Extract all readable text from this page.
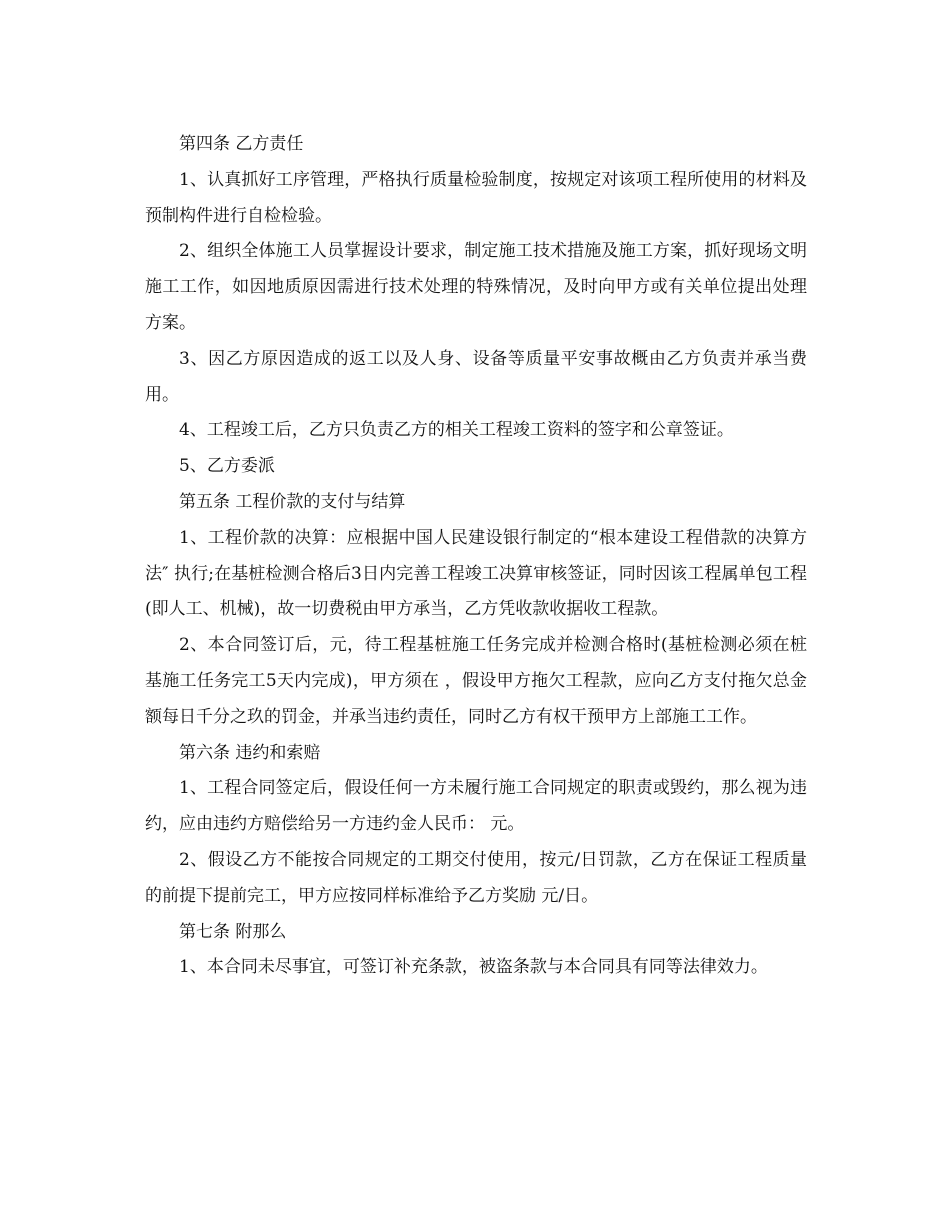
第四条 乙方责任

1、认真抓好工序管理，严格执行质量检验制度，按规定对该项工程所使用的材料及预制构件进行自检检验。

2、组织全体施工人员掌握设计要求，制定施工技术措施及施工方案，抓好现场文明施工工作，如因地质原因需进行技术处理的特殊情况，及时向甲方或有关单位提出处理方案。

3、因乙方原因造成的返工以及人身、设备等质量平安事故概由乙方负责并承当费用。

4、工程竣工后，乙方只负责乙方的相关工程竣工资料的签字和公章签证。

5、乙方委派

第五条 工程价款的支付与结算

1、工程价款的决算：应根据中国人民建设银行制定的“根本建设工程借款的决算方法″ 执行;在基桩检测合格后3日内完善工程竣工决算审核签证，同时因该工程属单包工程(即人工、机械)，故一切费税由甲方承当，乙方凭收款收据收工程款。

2、本合同签订后，元，待工程基桩施工任务完成并检测合格时(基桩检测必须在桩基施工任务完工5天内完成)，甲方须在 ，假设甲方拖欠工程款，应向乙方支付拖欠总金额每日千分之玖的罚金，并承当违约责任，同时乙方有权干预甲方上部施工工作。

第六条 违约和索赔

1、工程合同签定后，假设任何一方未履行施工合同规定的职责或毁约，那么视为违约，应由违约方赔偿给另一方违约金人民币： 元。

2、假设乙方不能按合同规定的工期交付使用，按元/日罚款，乙方在保证工程质量的前提下提前完工，甲方应按同样标准给予乙方奖励 元/日。

第七条 附那么

1、本合同未尽事宜，可签订补充条款，被盗条款与本合同具有同等法律效力。
